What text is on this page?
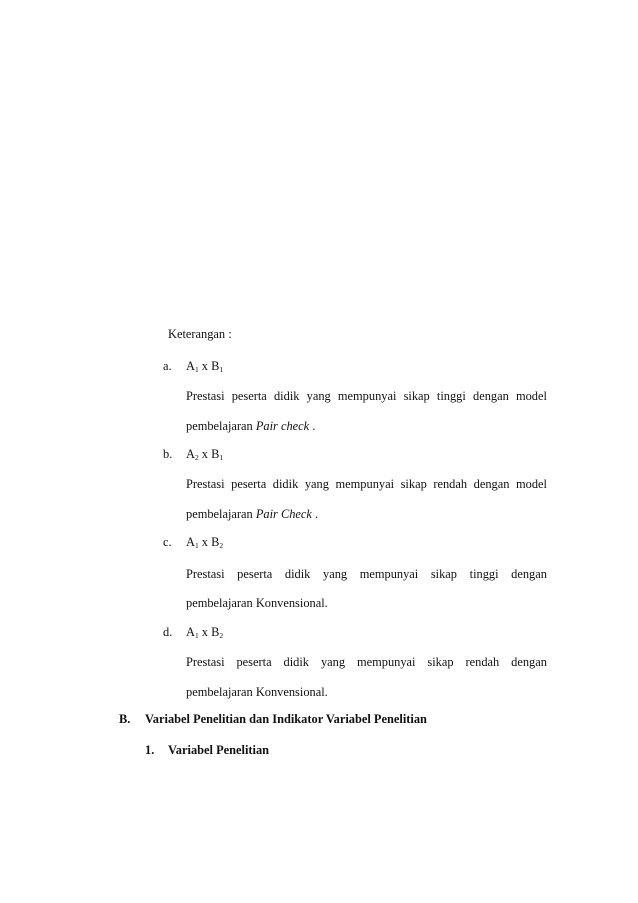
Keterangan :
a. $A_1$ x $B_1$
Prestasi peserta didik yang mempunyai sikap tinggi dengan model
pembelajaran Pair check .
b. $A_2$ x $B_1$
Prestasi peserta didik yang mempunyai sikap rendah dengan model
pembelajaran Pair Check .
c. $A_1$ x $B_2$
Prestasi peserta didik yang mempunyai sikap tinggi dengan
pembelajaran Konvensional.
d. $A_1$ x $B_2$
Prestasi peserta didik yang mempunyai sikap rendah dengan
pembelajaran Konvensional.
B. Variabel Penelitian dan Indikator Variabel Penelitian
1. Variabel Penelitian
